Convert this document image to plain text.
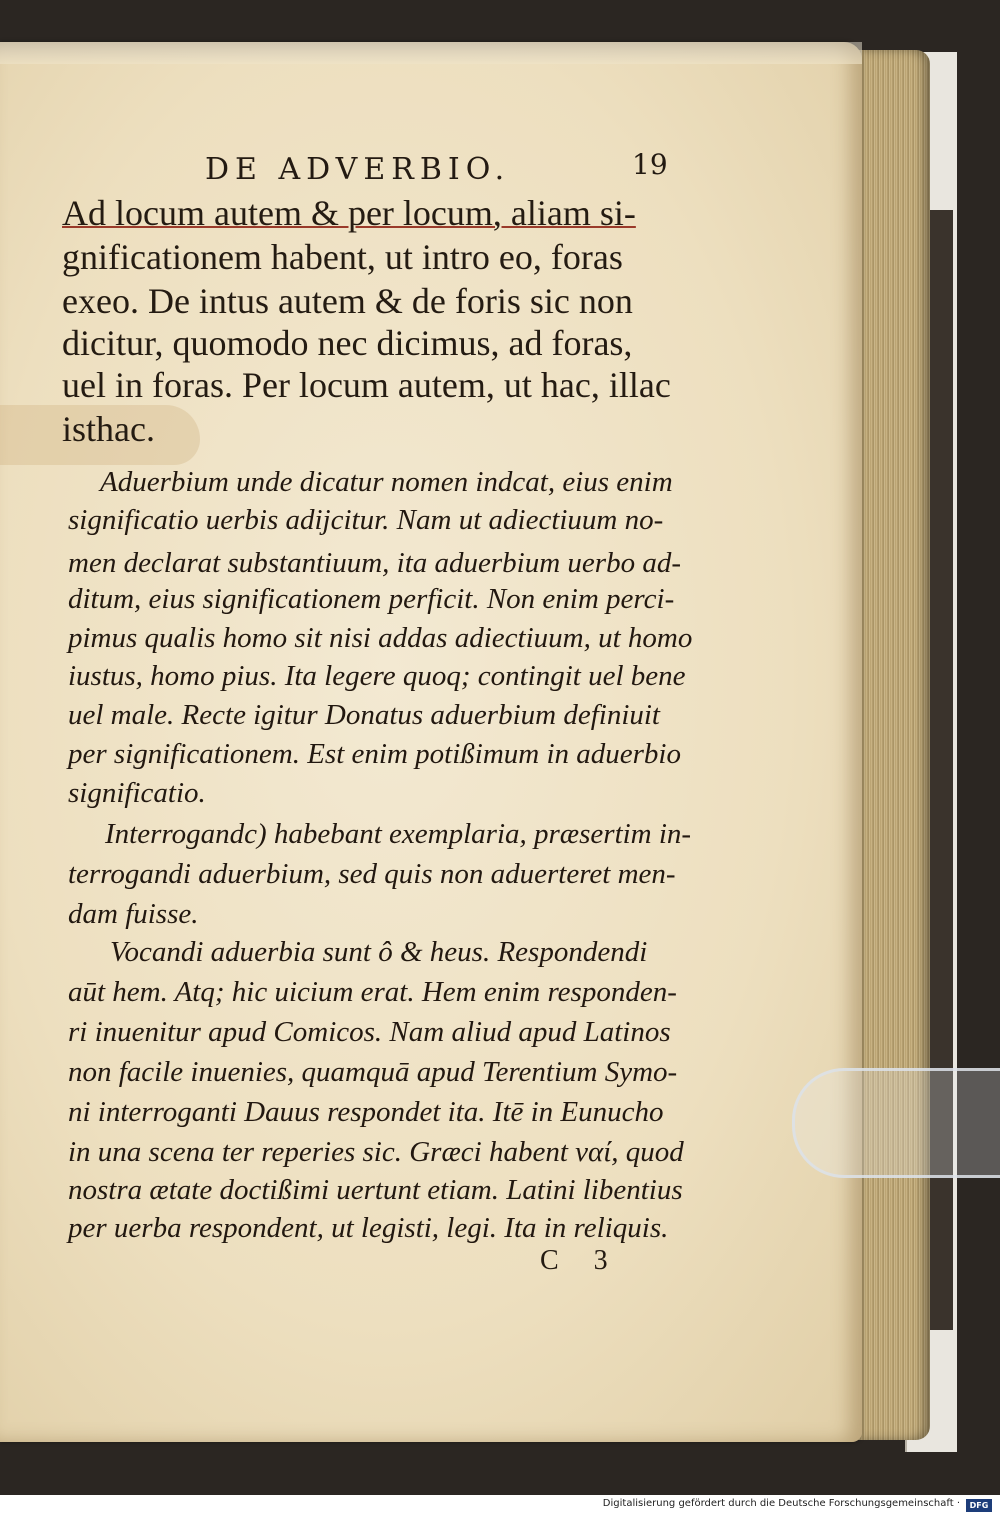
DE ADVERBIO.	19
Ad locum autem & per locum, aliam si-
gnificationem habent, ut intro eo, foras
exeo. De intus autem & de foris sic non
dicitur, quomodo nec dicimus, ad foras,
uel in foras. Per locum autem, ut hac, illac
isthac.
Aduerbium unde dicatur nomen indcat, eius enim
significatio uerbis adijcitur. Nam ut adiectiuum no-
men declarat substantiuum, ita aduerbium uerbo ad-
ditum, eius significationem perficit. Non enim perci-
pimus qualis homo sit nisi addas adiectiuum, ut homo
iustus, homo pius. Ita legere quoq; contingit uel bene
uel male. Recte igitur Donatus aduerbium definiuit
per significationem. Est enim potißimum in aduerbio
significatio.
Interrogandc) habebant exemplaria, præsertim in-
terrogandi aduerbium, sed quis non aduerteret men-
dam fuisse.
Vocandi aduerbia sunt ô & heus. Respondendi
aūt hem. Atq; hic uicium erat. Hem enim responden-
ri inuenitur apud Comicos. Nam aliud apud Latinos
non facile inuenies, quamquā apud Terentium Symo-
ni interroganti Dauus respondet ita. Itē in Eunucho
in una scena ter reperies sic. Græci habent ναί, quod
nostra ætate doctißimi uertunt etiam. Latini libentius
per uerba respondent, ut legisti, legi. Ita in reliquis.
C 3
Digitalisierung gefördert durch die Deutsche Forschungsgemeinschaft ·	DFG
